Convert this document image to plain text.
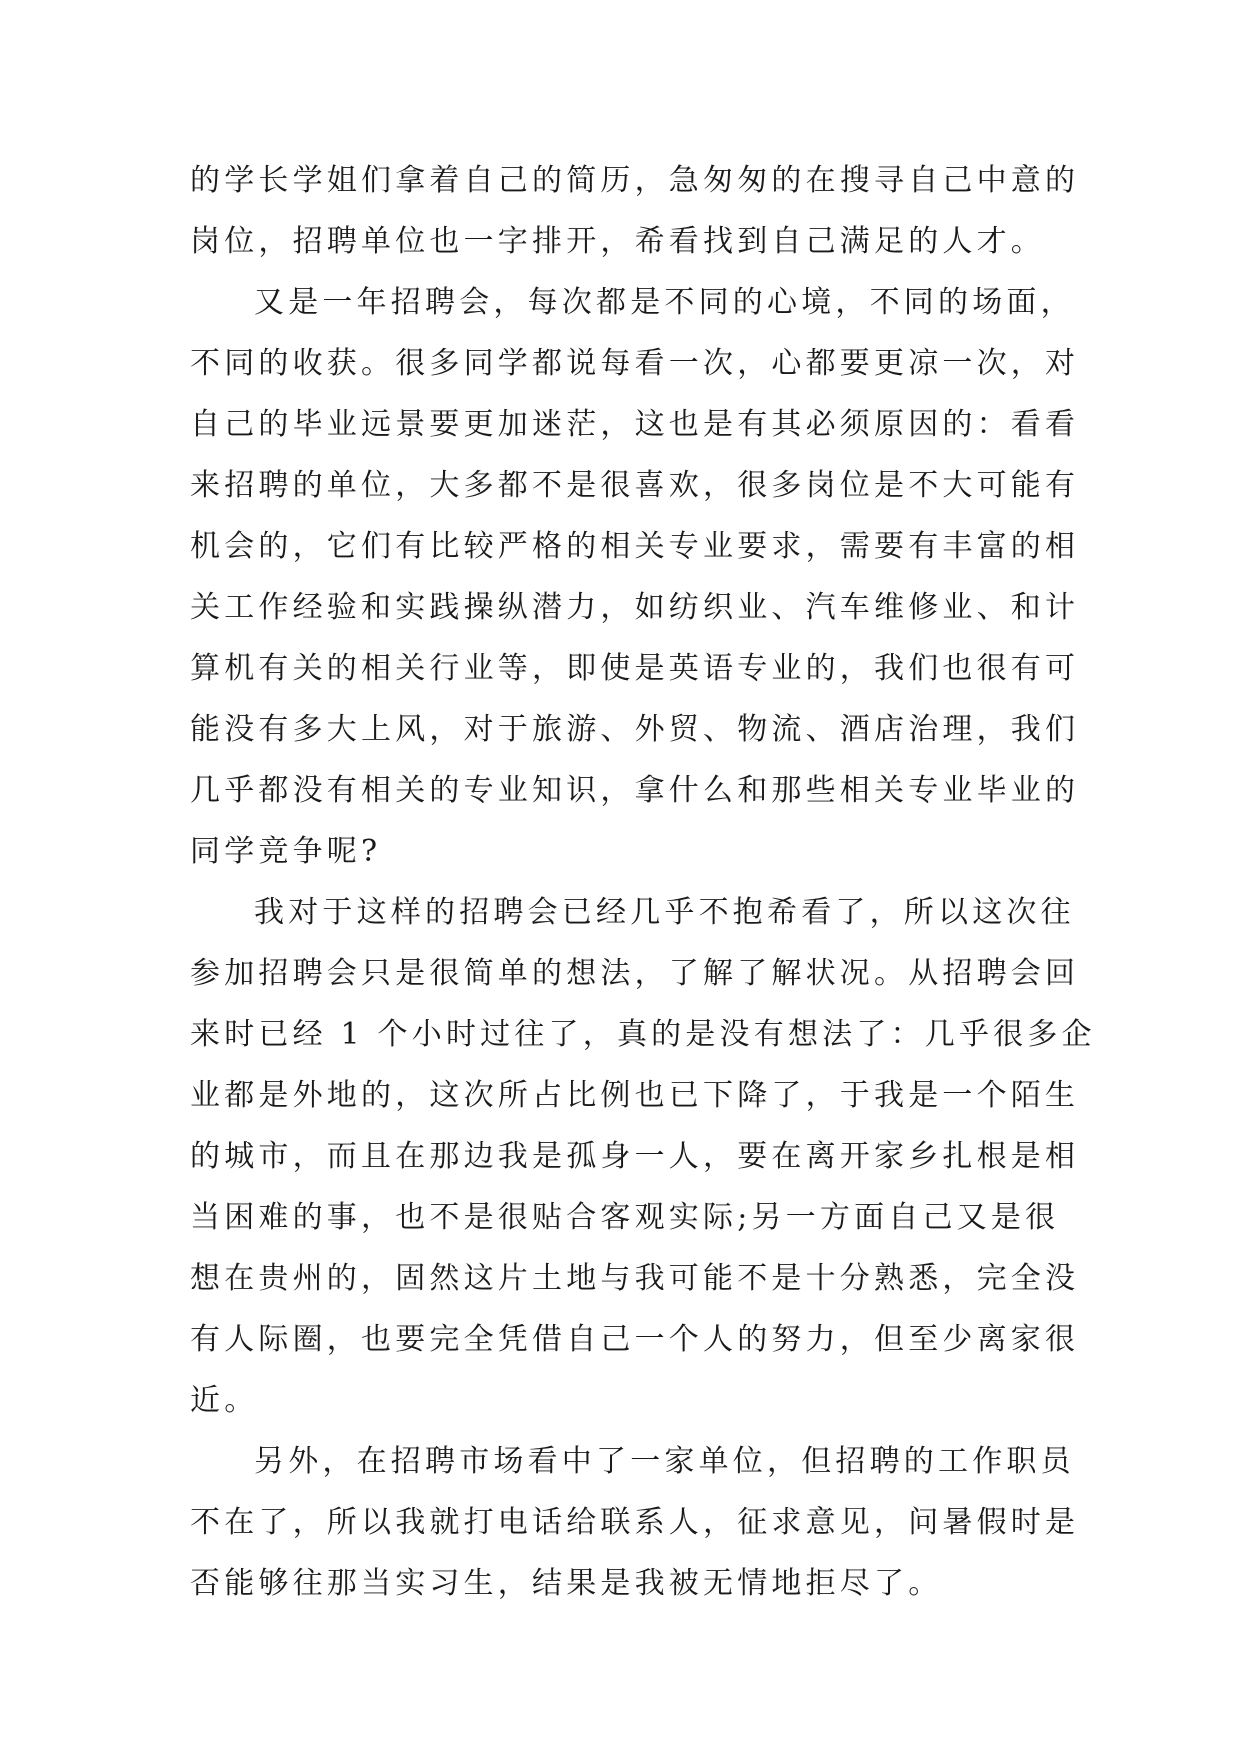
的学长学姐们拿着自己的简历，急匆匆的在搜寻自己中意的
岗位，招聘单位也一字排开，希看找到自己满足的人才。
又是一年招聘会，每次都是不同的心境，不同的场面，
不同的收获。很多同学都说每看一次，心都要更凉一次，对
自己的毕业远景要更加迷茫，这也是有其必须原因的：看看
来招聘的单位，大多都不是很喜欢，很多岗位是不大可能有
机会的，它们有比较严格的相关专业要求，需要有丰富的相
关工作经验和实践操纵潜力，如纺织业、汽车维修业、和计
算机有关的相关行业等，即使是英语专业的，我们也很有可
能没有多大上风，对于旅游、外贸、物流、酒店治理，我们
几乎都没有相关的专业知识，拿什么和那些相关专业毕业的
同学竞争呢?
我对于这样的招聘会已经几乎不抱希看了，所以这次往
参加招聘会只是很简单的想法，了解了解状况。从招聘会回
来时已经 1 个小时过往了，真的是没有想法了：几乎很多企
业都是外地的，这次所占比例也已下降了，于我是一个陌生
的城市，而且在那边我是孤身一人，要在离开家乡扎根是相
当困难的事，也不是很贴合客观实际;另一方面自己又是很
想在贵州的，固然这片土地与我可能不是十分熟悉，完全没
有人际圈，也要完全凭借自己一个人的努力，但至少离家很
近。
另外，在招聘市场看中了一家单位，但招聘的工作职员
不在了，所以我就打电话给联系人，征求意见，问暑假时是
否能够往那当实习生，结果是我被无情地拒尽了。
